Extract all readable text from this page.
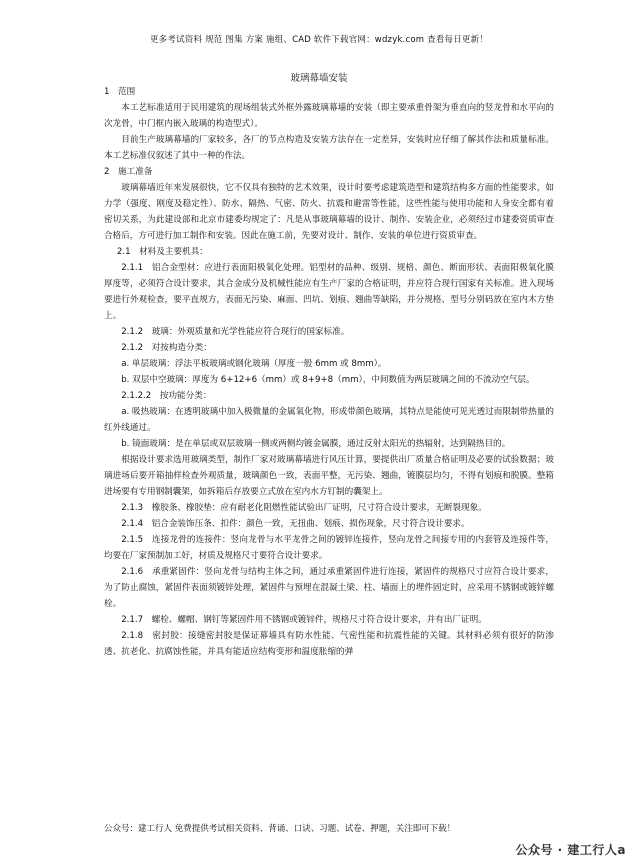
更多考试资料 规范 图集 方案 施组、CAD 软件下载官网：wdzyk.com 查看每日更新！
玻璃幕墙安装

1　范围

本工艺标准适用于民用建筑的现场组装式外框外露玻璃幕墙的安装（即主要承重骨架为垂直向的竖龙骨和水平向的次龙骨，中门框内嵌入玻璃的构造型式）。

目前生产玻璃幕墙的厂家较多，各厂的节点构造及安装方法存在一定差异，安装时应仔细了解其作法和质量标准。本工艺标准仅叙述了其中一种的作法。

2　施工准备

玻璃幕墙近年来发展很快，它不仅具有独特的艺术效果，设计时要考虑建筑造型和建筑结构多方面的性能要求，如力学（强度、刚度及稳定性）、防水、隔热、气密、防火、抗震和避雷等性能，这些性能与使用功能和人身安全都有着密切关系，为此建设部和北京市建委均规定了：凡是从事玻璃幕墙的设计、制作、安装企业，必须经过市建委资质审查合格后，方可进行加工制作和安装。因此在施工前，先要对设计、制作、安装的单位进行资质审查。

2.1　材料及主要机具：

2.1.1　铝合金型材：应进行表面阳极氧化处理。铝型材的品种、级别、规格、颜色、断面形状、表面阳极氧化膜厚度等，必须符合设计要求，其合金成分及机械性能应有生产厂家的合格证明，并应符合现行国家有关标准。进入现场要进行外观检查，要平直规方，表面无污染、麻面、凹坑、划痕、翘曲等缺陷，并分规格、型号分别码放在室内木方垫上。

2.1.2　玻璃：外观质量和光学性能应符合现行的国家标准。

2.1.2　对按构造分类：

a. 单层玻璃：浮法平板玻璃或钢化玻璃（厚度一般 6mm 或 8mm）。

b. 双层中空玻璃：厚度为 6+12+6（mm）或 8+9+8（mm），中间数值为两层玻璃之间的不流动空气层。

2.1.2.2　按功能分类：

a. 吸热玻璃：在透明玻璃中加入极微量的金属氧化物，形成带颜色玻璃，其特点是能使可见光透过而限制带热量的红外线通过。

b. 镜面玻璃：是在单层或双层玻璃一侧或两侧均镀金属膜，通过反射太阳光的热辐射，达到隔热目的。

根据设计要求选用玻璃类型，制作厂家对玻璃幕墙进行风压计算，要提供出厂质量合格证明及必要的试验数据；玻璃进场后要开箱抽样检查外观质量，玻璃颜色一致，表面平整，无污染、翘曲，镀膜层均匀，不得有划痕和脱膜。整箱进场要有专用钢制囊架，如拆箱后存放要立式放在室内水方钉制的囊架上。

2.1.3　橡胶条、橡胶垫：应有耐老化阻燃性能试验出厂证明，尺寸符合设计要求，无断裂现象。

2.1.4　铝合金装饰压条、扣件：颜色一致，无扭曲、划痕、损伤现象，尺寸符合设计要求。

2.1.5　连接龙骨的连接件：竖向龙骨与水平龙骨之间的镀锌连接件，竖向龙骨之间接专用的内套管及连接件等，均要在厂家预制加工好，材质及规格尺寸要符合设计要求。

2.1.6　承重紧固件：竖向龙骨与结构主体之间，通过承重紧固件进行连接，紧固件的规格尺寸应符合设计要求，为了防止腐蚀，紧固件表面须镀锌处理，紧固件与预埋在混凝土梁、柱、墙面上的埋件固定时，应采用不锈钢或镀锌螺栓。

2.1.7　螺栓、螺帽、钢钉等紧固件用不锈钢或镀锌件，规格尺寸符合设计要求，并有出厂证明。

2.1.8　密封胶：接缝密封胶是保证幕墙具有防水性能、气密性能和抗震性能的关键。其材料必须有很好的防渗透、抗老化、抗腐蚀性能，并具有能适应结构变形和温度胀缩的弹

公众号：建工行人 免费提供考试相关资料、背诵、口诀、习题、试卷、押题，关注即可下载！
公众号 · 建工行人a
